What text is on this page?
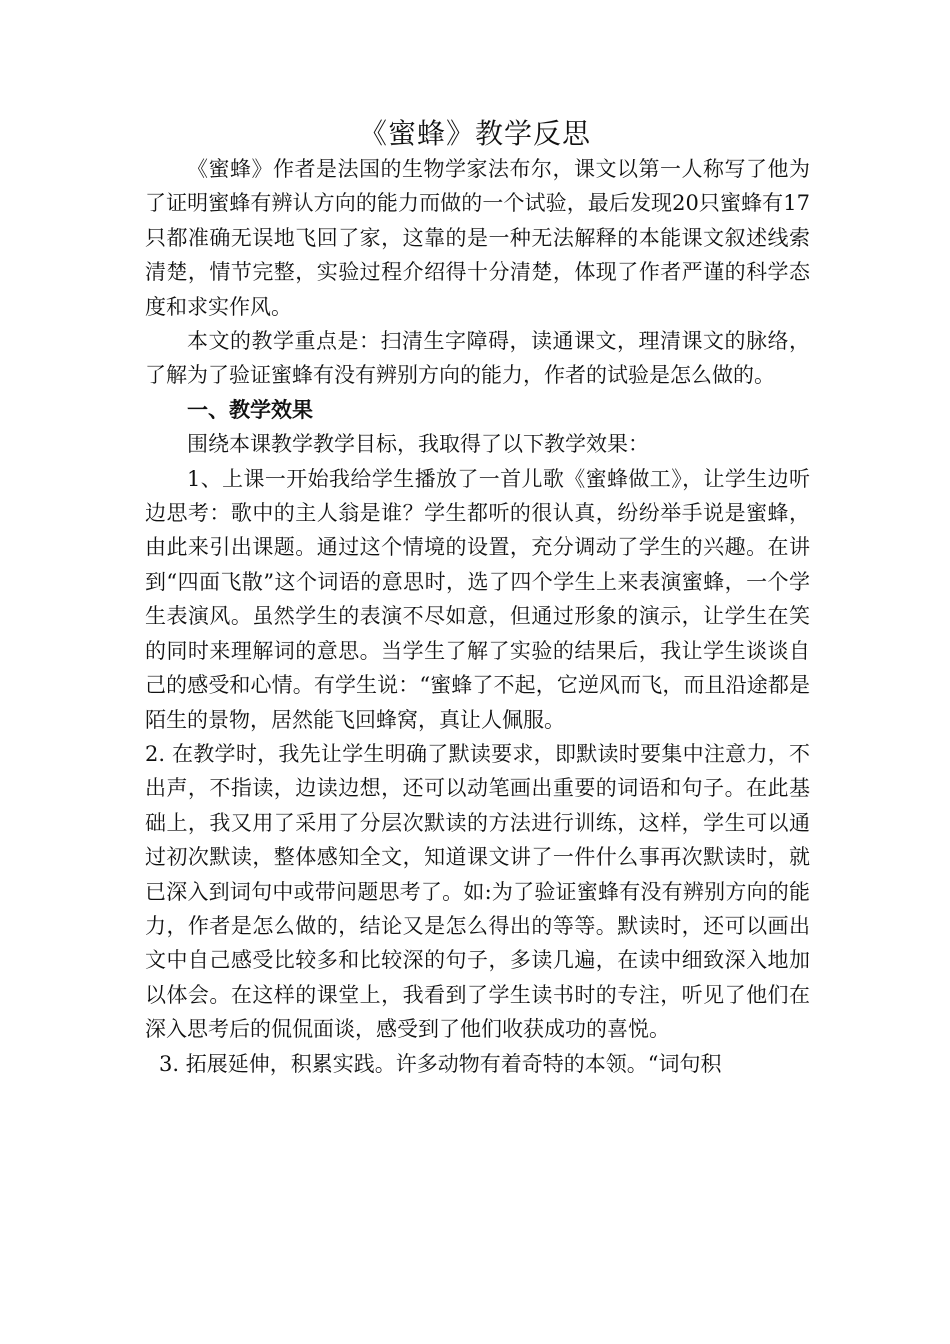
《蜜蜂》教学反思

《蜜蜂》作者是法国的生物学家法布尔，课文以第一人称写了他为了证明蜜蜂有辨认方向的能力而做的一个试验，最后发现20只蜜蜂有17只都准确无误地飞回了家，这靠的是一种无法解释的本能课文叙述线索清楚，情节完整，实验过程介绍得十分清楚，体现了作者严谨的科学态度和求实作风。

本文的教学重点是：扫清生字障碍，读通课文，理清课文的脉络，了解为了验证蜜蜂有没有辨别方向的能力，作者的试验是怎么做的。

一、教学效果

围绕本课教学教学目标，我取得了以下教学效果：

1、上课一开始我给学生播放了一首儿歌《蜜蜂做工》，让学生边听边思考：歌中的主人翁是谁？学生都听的很认真，纷纷举手说是蜜蜂，由此来引出课题。通过这个情境的设置，充分调动了学生的兴趣。在讲到“四面飞散”这个词语的意思时，选了四个学生上来表演蜜蜂，一个学生表演风。虽然学生的表演不尽如意，但通过形象的演示，让学生在笑的同时来理解词的意思。当学生了解了实验的结果后，我让学生谈谈自己的感受和心情。有学生说：“蜜蜂了不起，它逆风而飞，而且沿途都是陌生的景物，居然能飞回蜂窝，真让人佩服。

2. 在教学时，我先让学生明确了默读要求，即默读时要集中注意力，不出声，不指读，边读边想，还可以动笔画出重要的词语和句子。在此基础上，我又用了采用了分层次默读的方法进行训练，这样，学生可以通过初次默读，整体感知全文，知道课文讲了一件什么事再次默读时，就已深入到词句中或带问题思考了。如:为了验证蜜蜂有没有辨别方向的能力，作者是怎么做的，结论又是怎么得出的等等。默读时，还可以画出文中自己感受比较多和比较深的句子，多读几遍，在读中细致深入地加以体会。在这样的课堂上，我看到了学生读书时的专注，听见了他们在深入思考后的侃侃面谈，感受到了他们收获成功的喜悦。

3. 拓展延伸，积累实践。许多动物有着奇特的本领。“词句积
